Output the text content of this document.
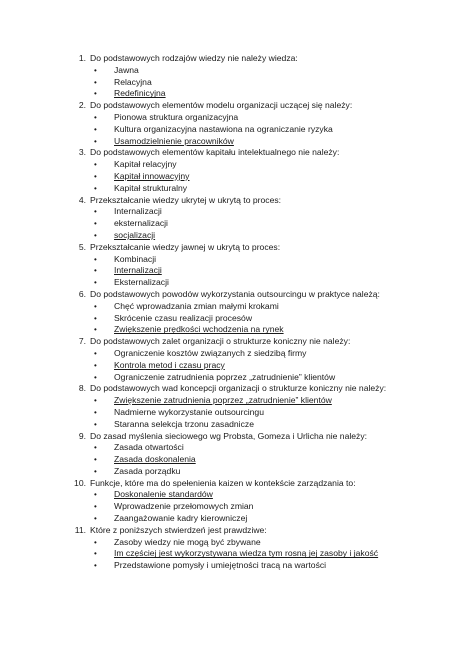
1. Do podstawowych rodzajów wiedzy nie należy wiedza:
•	Jawna
•	Relacyjna
•	Redefinicyjna
2. Do podstawowych elementów modelu organizacji uczącej się należy:
•	Pionowa struktura organizacyjna
•	Kultura organizacyjna nastawiona na ograniczanie ryzyka
•	Usamodzielnienie pracowników
3. Do podstawowych elementów kapitału intelektualnego nie należy:
•	Kapitał relacyjny
•	Kapitał innowacyjny
•	Kapitał strukturalny
4. Przekształcanie wiedzy ukrytej w ukrytą to proces:
•	Internalizacji
•	eksternalizacji
•	socjalizacji
5. Przekształcanie wiedzy jawnej w ukrytą to proces:
•	Kombinacji
•	Internalizacji
•	Eksternalizacji
6. Do podstawowych powodów wykorzystania outsourcingu w praktyce należą:
•	Chęć wprowadzania zmian małymi krokami
•	Skrócenie czasu realizacji procesów
•	Zwiększenie prędkości wchodzenia na rynek
7. Do podstawowych zalet organizacji o strukturze koniczny nie należy:
•	Ograniczenie kosztów związanych z siedzibą firmy
•	Kontrola metod i czasu pracy
•	Ograniczenie zatrudnienia poprzez „zatrudnienie” klientów
8. Do podstawowych wad koncepcji organizacji o strukturze koniczny nie należy:
•	Zwiększenie zatrudnienia poprzez „zatrudnienie” klientów
•	Nadmierne wykorzystanie outsourcingu
•	Staranna selekcja trzonu zasadnicze
9. Do zasad myślenia sieciowego wg Probsta, Gomeza i Urlicha nie należy:
•	Zasada otwartości
•	Zasada doskonalenia
•	Zasada porządku
10. Funkcje, które ma do spełenienia kaizen w kontekście zarządzania to:
•	Doskonalenie standardów
•	Wprowadzenie przełomowych zmian
•	Zaangażowanie kadry kierowniczej
11. Które z poniższych stwierdzeń jest prawdziwe:
•	Zasoby wiedzy nie mogą być zbywane
•	Im częściej jest wykorzystywana wiedza tym rosną jej zasoby i jakość
•	Przedstawione pomysły i umiejętności tracą na wartości
